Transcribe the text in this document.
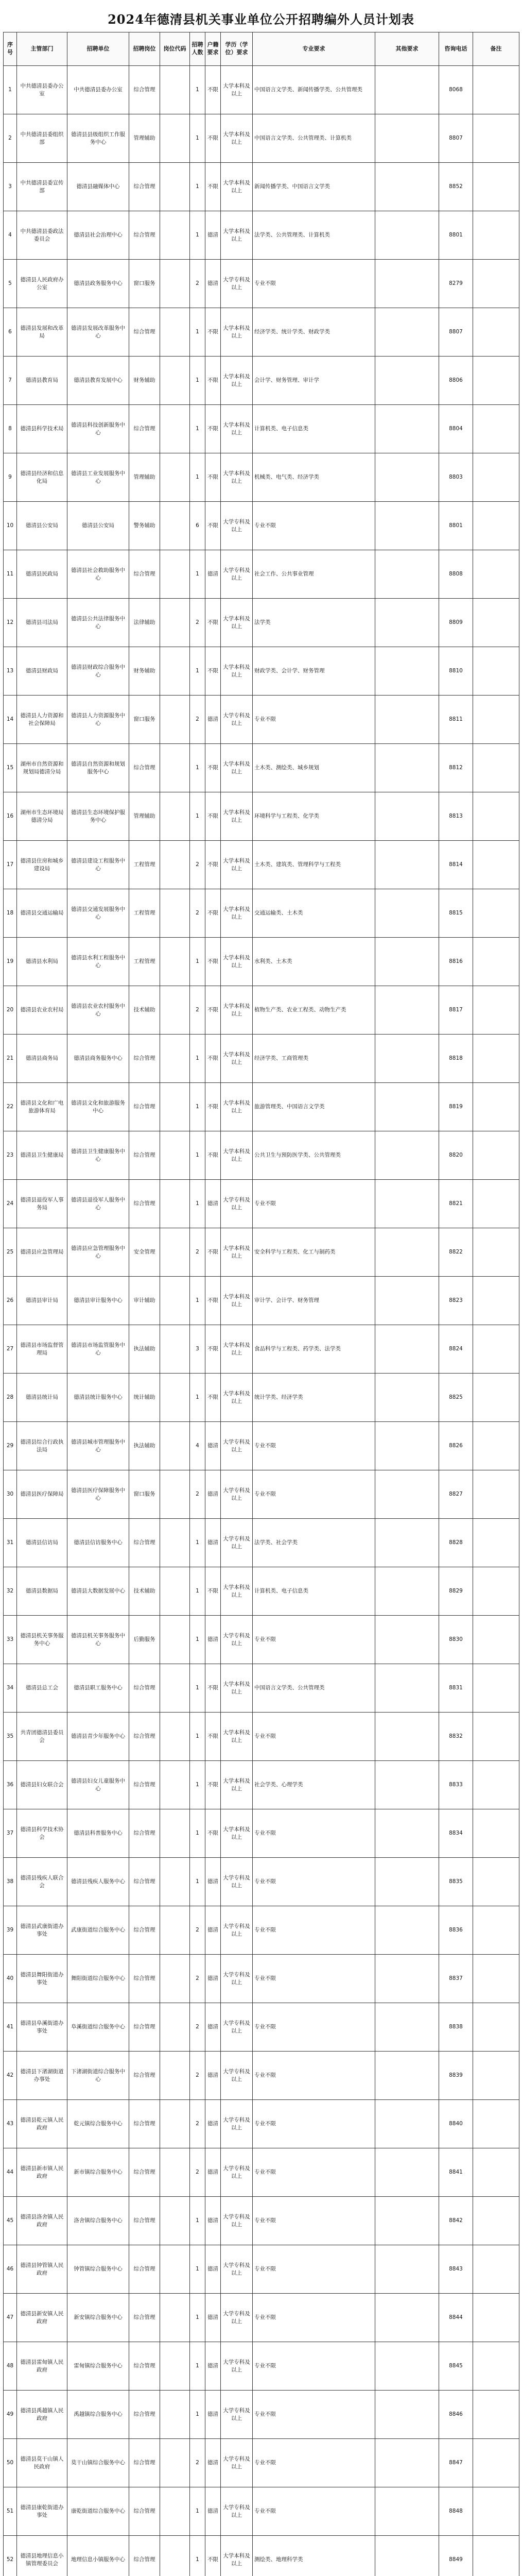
2024年德清县机关事业单位公开招聘编外人员计划表
序号	主管部门	招聘单位	招聘岗位	岗位代码	招聘人数	户籍要求	学历（学位）要求	专业要求	其他要求	咨询电话	备注
1	中共德清县委办公室	中共德清县委办公室	综合管理		1	不限	大学本科及以上	中国语言文学类、新闻传播学类、公共管理类		8068	
2	中共德清县委组织部	德清县县级组织工作服务中心	管理辅助		1	不限	大学本科及以上	中国语言文学类、公共管理类、计算机类		8807	
3	中共德清县委宣传部	德清县融媒体中心	综合管理		1	不限	大学本科及以上	新闻传播学类、中国语言文学类		8852	
4	中共德清县委政法委员会	德清县社会治理中心	综合管理		1	德清	大学本科及以上	法学类、公共管理类、计算机类		8801	
5	德清县人民政府办公室	德清县政务服务中心	窗口服务		2	德清	大学专科及以上	专业不限		8279	
6	德清县发展和改革局	德清县发展改革服务中心	综合管理		1	不限	大学本科及以上	经济学类、统计学类、财政学类		8807	
7	德清县教育局	德清县教育发展中心	财务辅助		1	不限	大学本科及以上	会计学、财务管理、审计学		8806	
8	德清县科学技术局	德清县科技创新服务中心	综合管理		1	不限	大学本科及以上	计算机类、电子信息类		8804	
9	德清县经济和信息化局	德清县工业发展服务中心	管理辅助		1	不限	大学本科及以上	机械类、电气类、经济学类		8803	
10	德清县公安局	德清县公安局	警务辅助		6	不限	大学专科及以上	专业不限		8801	
11	德清县民政局	德清县社会救助服务中心	综合管理		1	德清	大学专科及以上	社会工作、公共事业管理		8808	
12	德清县司法局	德清县公共法律服务中心	法律辅助		2	不限	大学本科及以上	法学类		8809	
13	德清县财政局	德清县财政综合服务中心	财务辅助		1	不限	大学本科及以上	财政学类、会计学、财务管理		8810	
14	德清县人力资源和社会保障局	德清县人力资源服务中心	窗口服务		2	德清	大学专科及以上	专业不限		8811	
15	湖州市自然资源和规划局德清分局	德清县自然资源和规划服务中心	综合管理		1	不限	大学本科及以上	土木类、测绘类、城乡规划		8812	
16	湖州市生态环境局德清分局	德清县生态环境保护服务中心	管理辅助		1	不限	大学本科及以上	环境科学与工程类、化学类		8813	
17	德清县住房和城乡建设局	德清县建设工程服务中心	工程管理		2	不限	大学本科及以上	土木类、建筑类、管理科学与工程类		8814	
18	德清县交通运输局	德清县交通发展服务中心	工程管理		2	不限	大学本科及以上	交通运输类、土木类		8815	
19	德清县水利局	德清县水利工程服务中心	工程管理		1	不限	大学本科及以上	水利类、土木类		8816	
20	德清县农业农村局	德清县农业农村服务中心	技术辅助		2	不限	大学本科及以上	植物生产类、农业工程类、动物生产类		8817	
21	德清县商务局	德清县商务服务中心	综合管理		1	不限	大学本科及以上	经济学类、工商管理类		8818	
22	德清县文化和广电旅游体育局	德清县文化和旅游服务中心	综合管理		1	不限	大学本科及以上	旅游管理类、中国语言文学类		8819	
23	德清县卫生健康局	德清县卫生健康服务中心	综合管理		1	不限	大学本科及以上	公共卫生与预防医学类、公共管理类		8820	
24	德清县退役军人事务局	德清县退役军人服务中心	综合管理		1	德清	大学专科及以上	专业不限		8821	
25	德清县应急管理局	德清县应急管理服务中心	安全管理		2	不限	大学本科及以上	安全科学与工程类、化工与制药类		8822	
26	德清县审计局	德清县审计服务中心	审计辅助		1	不限	大学本科及以上	审计学、会计学、财务管理		8823	
27	德清县市场监督管理局	德清县市场监管服务中心	执法辅助		3	不限	大学本科及以上	食品科学与工程类、药学类、法学类		8824	
28	德清县统计局	德清县统计服务中心	统计辅助		1	不限	大学本科及以上	统计学类、经济学类		8825	
29	德清县综合行政执法局	德清县城市管理服务中心	执法辅助		4	德清	大学专科及以上	专业不限		8826	
30	德清县医疗保障局	德清县医疗保障服务中心	窗口服务		2	德清	大学专科及以上	专业不限		8827	
31	德清县信访局	德清县信访服务中心	综合管理		1	德清	大学专科及以上	法学类、社会学类		8828	
32	德清县数据局	德清县大数据发展中心	技术辅助		1	不限	大学本科及以上	计算机类、电子信息类		8829	
33	德清县机关事务服务中心	德清县机关事务服务中心	后勤服务		1	德清	大学专科及以上	专业不限		8830	
34	德清县总工会	德清县职工服务中心	综合管理		1	不限	大学本科及以上	中国语言文学类、公共管理类		8831	
35	共青团德清县委员会	德清县青少年服务中心	综合管理		1	不限	大学本科及以上	专业不限		8832	
36	德清县妇女联合会	德清县妇女儿童服务中心	综合管理		1	不限	大学本科及以上	社会学类、心理学类		8833	
37	德清县科学技术协会	德清县科普服务中心	综合管理		1	不限	大学本科及以上	专业不限		8834	
38	德清县残疾人联合会	德清县残疾人服务中心	综合管理		1	德清	大学专科及以上	专业不限		8835	
39	德清县武康街道办事处	武康街道综合服务中心	综合管理		2	德清	大学专科及以上	专业不限		8836	
40	德清县舞阳街道办事处	舞阳街道综合服务中心	综合管理		2	德清	大学专科及以上	专业不限		8837	
41	德清县阜溪街道办事处	阜溪街道综合服务中心	综合管理		2	德清	大学专科及以上	专业不限		8838	
42	德清县下渚湖街道办事处	下渚湖街道综合服务中心	综合管理		2	德清	大学专科及以上	专业不限		8839	
43	德清县乾元镇人民政府	乾元镇综合服务中心	综合管理		2	德清	大学专科及以上	专业不限		8840	
44	德清县新市镇人民政府	新市镇综合服务中心	综合管理		2	德清	大学专科及以上	专业不限		8841	
45	德清县洛舍镇人民政府	洛舍镇综合服务中心	综合管理		1	德清	大学专科及以上	专业不限		8842	
46	德清县钟管镇人民政府	钟管镇综合服务中心	综合管理		1	德清	大学专科及以上	专业不限		8843	
47	德清县新安镇人民政府	新安镇综合服务中心	综合管理		1	德清	大学专科及以上	专业不限		8844	
48	德清县雷甸镇人民政府	雷甸镇综合服务中心	综合管理		1	德清	大学专科及以上	专业不限		8845	
49	德清县禹越镇人民政府	禹越镇综合服务中心	综合管理		1	德清	大学专科及以上	专业不限		8846	
50	德清县莫干山镇人民政府	莫干山镇综合服务中心	综合管理		2	德清	大学专科及以上	专业不限		8847	
51	德清县康乾街道办事处	康乾街道综合服务中心	综合管理		1	德清	大学专科及以上	专业不限		8848	
52	德清县地理信息小镇管理委员会	地理信息小镇服务中心	综合管理		1	不限	大学本科及以上	测绘类、地理科学类		8849	
